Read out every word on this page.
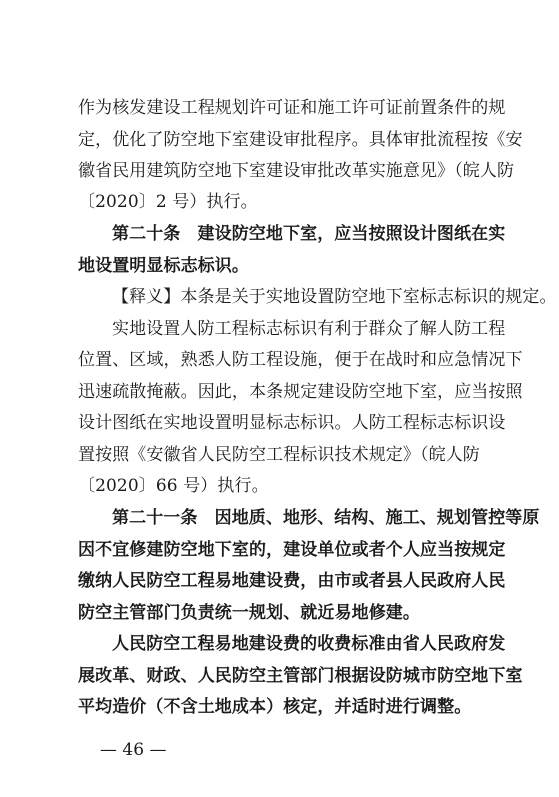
作为核发建设工程规划许可证和施工许可证前置条件的规
定，优化了防空地下室建设审批程序。具体审批流程按《安
徽省民用建筑防空地下室建设审批改革实施意见》（皖人防
〔2020〕2 号）执行。
第二十条　建设防空地下室，应当按照设计图纸在实
地设置明显标志标识。
【释义】本条是关于实地设置防空地下室标志标识的规定。
实地设置人防工程标志标识有利于群众了解人防工程
位置、区域，熟悉人防工程设施，便于在战时和应急情况下
迅速疏散掩蔽。因此，本条规定建设防空地下室，应当按照
设计图纸在实地设置明显标志标识。人防工程标志标识设
置按照《安徽省人民防空工程标识技术规定》（皖人防
〔2020〕66 号）执行。
第二十一条　因地质、地形、结构、施工、规划管控等原
因不宜修建防空地下室的，建设单位或者个人应当按规定
缴纳人民防空工程易地建设费，由市或者县人民政府人民
防空主管部门负责统一规划、就近易地修建。
人民防空工程易地建设费的收费标准由省人民政府发
展改革、财政、人民防空主管部门根据设防城市防空地下室
平均造价（不含土地成本）核定，并适时进行调整。
— 46 —
